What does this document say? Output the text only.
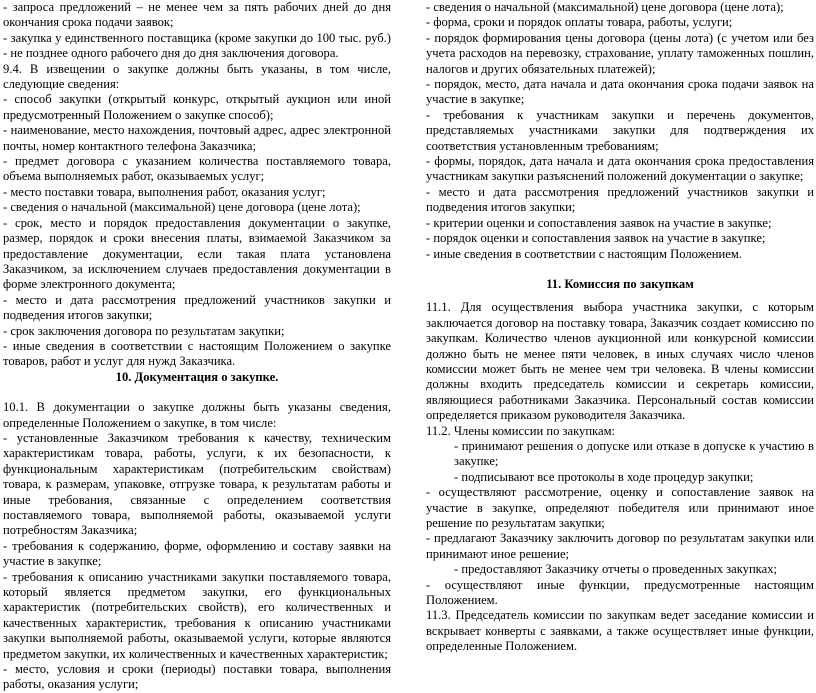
- запроса предложений – не менее чем за пять рабочих дней до дня окончания срока подачи заявок;

- закупка у единственного поставщика (кроме закупки до 100 тыс. руб.) - не позднее одного рабочего дня до дня заключения договора.

9.4. В извещении о закупке должны быть указаны, в том числе, следующие сведения:

- способ закупки (открытый конкурс, открытый аукцион или иной предусмотренный Положением о закупке способ);

- наименование, место нахождения, почтовый адрес, адрес электронной почты, номер контактного телефона Заказчика;

- предмет договора с указанием количества поставляемого товара, объема выполняемых работ, оказываемых услуг;

- место поставки товара, выполнения работ, оказания услуг;

- сведения о начальной (максимальной) цене договора (цене лота);

- срок, место и порядок предоставления документации о закупке, размер, порядок и сроки внесения платы, взимаемой Заказчиком за предоставление документации, если такая плата установлена Заказчиком, за исключением случаев предоставления документации в форме электронного документа;

- место и дата рассмотрения предложений участников закупки и подведения итогов закупки;

- срок заключения договора по результатам закупки;

- иные сведения в соответствии с настоящим Положением о закупке товаров, работ и услуг для нужд Заказчика.

10. Документация о закупке.

10.1. В документации о закупке должны быть указаны сведения, определенные Положением о закупке, в том числе:

- установленные Заказчиком требования к качеству, техническим характеристикам товара, работы, услуги, к их безопасности, к функциональным характеристикам (потребительским свойствам) товара, к размерам, упаковке, отгрузке товара, к результатам работы и иные требования, связанные с определением соответствия поставляемого товара, выполняемой работы, оказываемой услуги потребностям Заказчика;

- требования к содержанию, форме, оформлению и составу заявки на участие в закупке;

- требования к описанию участниками закупки поставляемого товара, который является предметом закупки, его функциональных характеристик (потребительских свойств), его количественных и качественных характеристик, требования к описанию участниками закупки выполняемой работы, оказываемой услуги, которые являются предметом закупки, их количественных и качественных характеристик;

- место, условия и сроки (периоды) поставки товара, выполнения работы, оказания услуги;

- сведения о начальной (максимальной) цене договора (цене лота);

- форма, сроки и порядок оплаты товара, работы, услуги;

- порядок формирования цены договора (цены лота) (с учетом или без учета расходов на перевозку, страхование, уплату таможенных пошлин, налогов и других обязательных платежей);

- порядок, место, дата начала и дата окончания срока подачи заявок на участие в закупке;

- требования к участникам закупки и перечень документов, представляемых участниками закупки для подтверждения их соответствия установленным требованиям;

- формы, порядок, дата начала и дата окончания срока предоставления участникам закупки разъяснений положений документации о закупке;

- место и дата рассмотрения предложений участников закупки и подведения итогов закупки;

- критерии оценки и сопоставления заявок на участие в закупке;

- порядок оценки и сопоставления заявок на участие в закупке;

- иные сведения в соответствии с настоящим Положением.

11. Комиссия по закупкам

11.1. Для осуществления выбора участника закупки, с которым заключается договор на поставку товара, Заказчик создает комиссию по закупкам. Количество членов аукционной или конкурсной комиссии должно быть не менее пяти человек, в иных случаях число членов комиссии может быть не менее чем три человека. В члены комиссии должны входить председатель комиссии и секретарь комиссии, являющиеся работниками Заказчика. Персональный состав комиссии определяется приказом руководителя Заказчика.

11.2. Члены комиссии по закупкам:

- принимают решения о допуске или отказе в допуске к участию в закупке;

- подписывают все протоколы в ходе процедур закупки;

- осуществляют рассмотрение, оценку и сопоставление заявок на участие в закупке, определяют победителя или принимают иное решение по результатам закупки;

- предлагают Заказчику заключить договор по результатам закупки или принимают иное решение;

- предоставляют Заказчику отчеты о проведенных закупках;

- осуществляют иные функции, предусмотренные настоящим Положением.

11.3. Председатель комиссии по закупкам ведет заседание комиссии и вскрывает конверты с заявками, а также осуществляет иные функции, определенные Положением.
